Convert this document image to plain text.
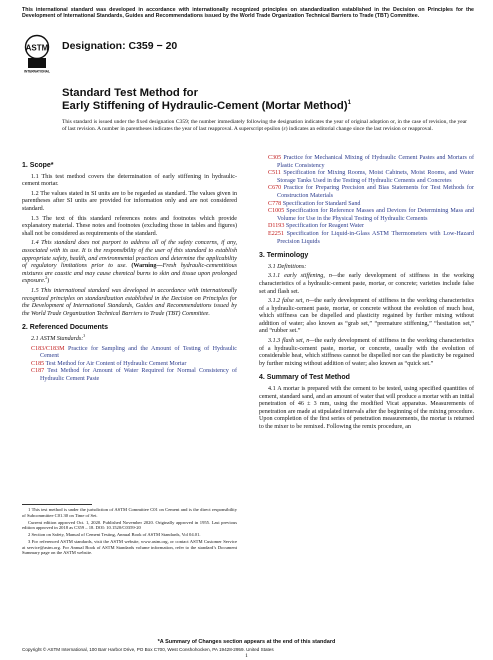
This international standard was developed in accordance with internationally recognized principles on standardization established in the Decision on Principles for the Development of International Standards, Guides and Recommendations issued by the World Trade Organization Technical Barriers to Trade (TBT) Committee.
ASTM
INTERNATIONAL
Designation: C359 − 20
Standard Test Method for
Early Stiffening of Hydraulic-Cement (Mortar Method)$^1$
This standard is issued under the fixed designation C359; the number immediately following the designation indicates the year of original adoption or, in the case of revision, the year of last revision. A number in parentheses indicates the year of last reapproval. A superscript epsilon (ε) indicates an editorial change since the last revision or reapproval.
1. Scope*

1.1 This test method covers the determination of early stiffening in hydraulic-cement mortar.

1.2 The values stated in SI units are to be regarded as standard. The values given in parentheses after SI units are provided for information only and are not considered standard.

1.3 The text of this standard references notes and footnotes which provide explanatory material. These notes and footnotes (excluding those in tables and figures) shall not be considered as requirements of the standard.

1.4 This standard does not purport to address all of the safety concerns, if any, associated with its use. It is the responsibility of the user of this standard to establish appropriate safety, health, and environmental practices and determine the applicability of regulatory limitations prior to use. (Warning—Fresh hydraulic-cementitious mixtures are caustic and may cause chemical burns to skin and tissue upon prolonged exposure.$^2$)

1.5 This international standard was developed in accordance with internationally recognized principles on standardization established in the Decision on Principles for the Development of International Standards, Guides and Recommendations issued by the World Trade Organization Technical Barriers to Trade (TBT) Committee.

2. Referenced Documents

2.1 ASTM Standards:$^3$

C183/C183M Practice for Sampling and the Amount of Testing of Hydraulic Cement
C185 Test Method for Air Content of Hydraulic Cement Mortar
C187 Test Method for Amount of Water Required for Normal Consistency of Hydraulic Cement Paste

1 This test method is under the jurisdiction of ASTM Committee C01 on Cement and is the direct responsibility of Subcommittee C01.30 on Time of Set.

Current edition approved Oct. 1, 2020. Published November 2020. Originally approved in 1955. Last previous edition approved in 2018 as C359 – 18. DOI: 10.1520/C0359-20

2 Section on Safety, Manual of Cement Testing, Annual Book of ASTM Standards, Vol 04.01.

3 For referenced ASTM standards, visit the ASTM website, www.astm.org, or contact ASTM Customer Service at service@astm.org. For Annual Book of ASTM Standards volume information, refer to the standard’s Document Summary page on the ASTM website.

C305 Practice for Mechanical Mixing of Hydraulic Cement Pastes and Mortars of Plastic Consistency
C511 Specification for Mixing Rooms, Moist Cabinets, Moist Rooms, and Water Storage Tanks Used in the Testing of Hydraulic Cements and Concretes
C670 Practice for Preparing Precision and Bias Statements for Test Methods for Construction Materials
C778 Specification for Standard Sand
C1005 Specification for Reference Masses and Devices for Determining Mass and Volume for Use in the Physical Testing of Hydraulic Cements
D1193 Specification for Reagent Water
E2251 Specification for Liquid-in-Glass ASTM Thermometers with Low-Hazard Precision Liquids
3. Terminology

3.1 Definitions:

3.1.1 early stiffening, n—the early development of stiffness in the working characteristics of a hydraulic-cement paste, mortar, or concrete; varieties include false set and flash set.

3.1.2 false set, n—the early development of stiffness in the working characteristics of a hydraulic-cement paste, mortar, or concrete without the evolution of much heat, which stiffness can be dispelled and plasticity regained by further mixing without addition of water; also known as “grab set,” “premature stiffening,” “hesitation set,” and “rubber set.”

3.1.3 flash set, n—the early development of stiffness in the working characteristics of a hydraulic-cement paste, mortar, or concrete, usually with the evolution of considerable heat, which stiffness cannot be dispelled nor can the plasticity be regained by further mixing without addition of water; also known as “quick set.”

4. Summary of Test Method

4.1 A mortar is prepared with the cement to be tested, using specified quantities of cement, standard sand, and an amount of water that will produce a mortar with an initial penetration of 46 ± 3 mm, using the modified Vicat apparatus. Measurements of penetration are made at stipulated intervals after the beginning of the mixing procedure. Upon completion of the first series of penetration measurements, the mortar is returned to the mixer to be remixed. Following the remix procedure, an

*A Summary of Changes section appears at the end of this standard
Copyright © ASTM International, 100 Barr Harbor Drive, PO Box C700, West Conshohocken, PA 19428-2959. United States
1
